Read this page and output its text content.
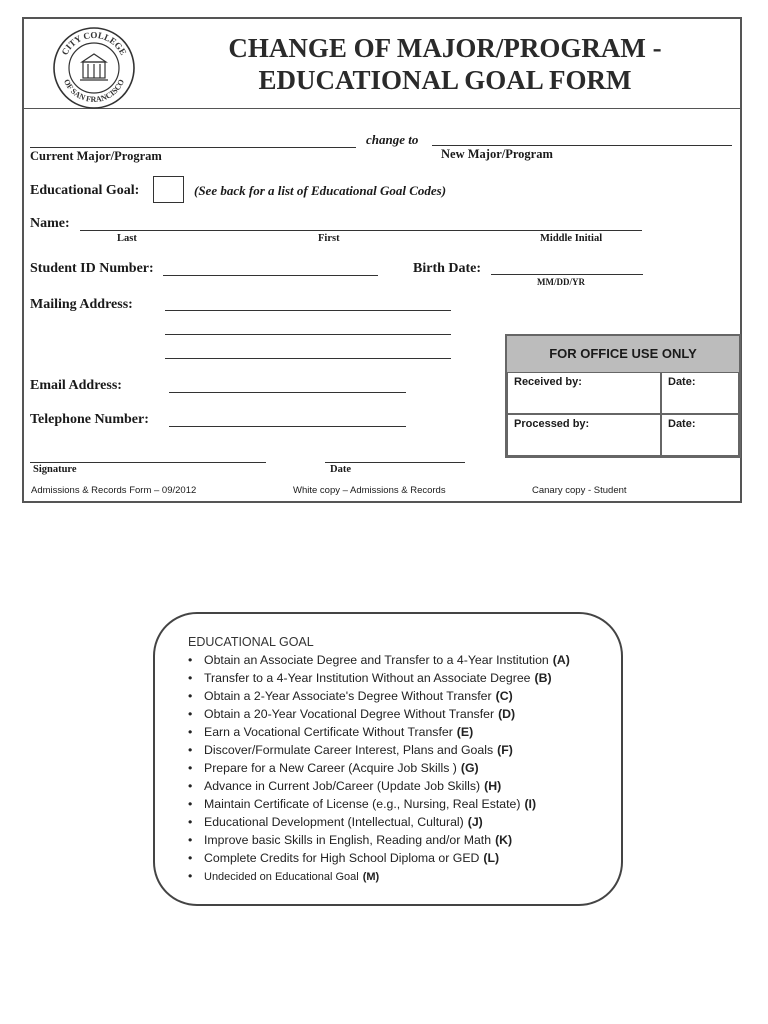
CITY COLLEGE
OF SAN FRANCISCO
CHANGE OF MAJOR/PROGRAM -
EDUCATIONAL GOAL FORM
change to
Current Major/Program	New Major/Program
Educational Goal:	(See back for a list of Educational Goal Codes)
Name:
Last	First	Middle Initial
Student ID Number:	Birth Date:
MM/DD/YR
Mailing Address:
Email Address:
Telephone Number:
FOR OFFICE USE ONLY
Received by:	Date:
Processed by:	Date:
Signature	Date
Admissions & Records Form – 09/2012	White copy – Admissions & Records	Canary copy - Student
EDUCATIONAL GOAL
• Obtain an Associate Degree and Transfer to a 4-Year Institution (A)
• Transfer to a 4-Year Institution Without an Associate Degree (B)
• Obtain a 2-Year Associate's Degree Without Transfer (C)
• Obtain a 20-Year Vocational Degree Without Transfer (D)
• Earn a Vocational Certificate Without Transfer (E)
• Discover/Formulate Career Interest, Plans and Goals (F)
• Prepare for a New Career (Acquire Job Skills ) (G)
• Advance in Current Job/Career (Update Job Skills) (H)
• Maintain Certificate of License (e.g., Nursing, Real Estate) (I)
• Educational Development (Intellectual, Cultural) (J)
• Improve basic Skills in English, Reading and/or Math (K)
• Complete Credits for High School Diploma or GED (L)
• Undecided on Educational Goal (M)
